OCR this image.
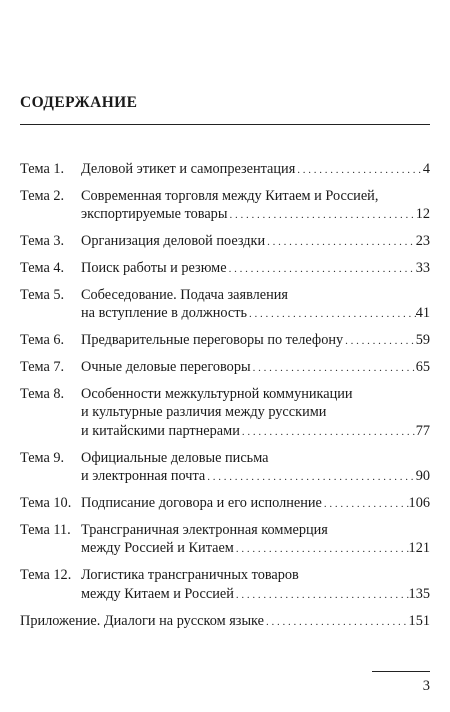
СОДЕРЖАНИЕ
Тема 1.	Деловой этикет и самопрезентация . . .	4
Тема 2.	Современная торговля между Китаем и Россией,
экспортируемые товары . . .	12
Тема 3.	Организация деловой поездки . . .	23
Тема 4.	Поиск работы и резюме . . .	33
Тема 5.	Собеседование. Подача заявления
на вступление в должность . . .	41
Тема 6.	Предварительные переговоры по телефону . . .	59
Тема 7.	Очные деловые переговоры . . .	65
Тема 8.	Особенности межкультурной коммуникации
и культурные различия между русскими
и китайскими партнерами . . .	77
Тема 9.	Официальные деловые письма
и электронная почта . . .	90
Тема 10. Подписание договора и его исполнение . . .	106
Тема 11. Трансграничная электронная коммерция
между Россией и Китаем . . .	121
Тема 12. Логистика трансграничных товаров
между Китаем и Россией . . .	135
Приложение. Диалоги на русском языке . . .	151
3
